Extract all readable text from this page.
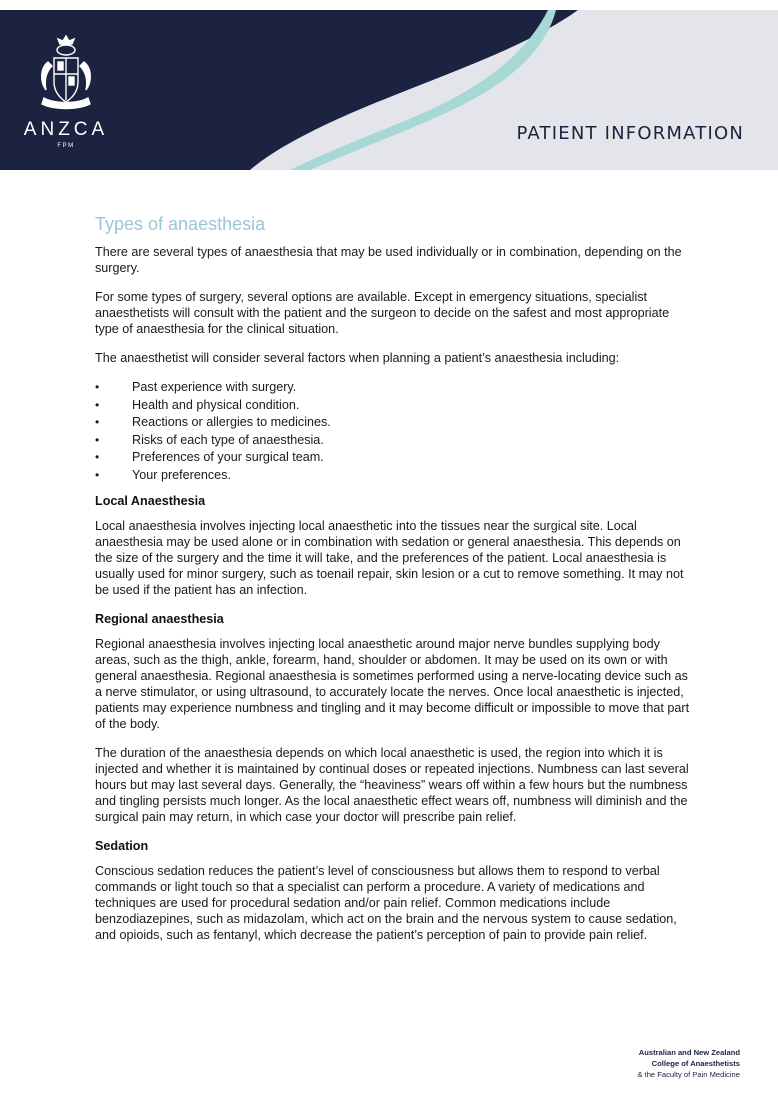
ANZCA
FPM
PATIENT INFORMATION
Types of anaesthesia

There are several types of anaesthesia that may be used individually or in combination, depending on the surgery.

For some types of surgery, several options are available. Except in emergency situations, specialist anaesthetists will consult with the patient and the surgeon to decide on the safest and most appropriate type of anaesthesia for the clinical situation.

The anaesthetist will consider several factors when planning a patient’s anaesthesia including:

• Past experience with surgery.
• Health and physical condition.
• Reactions or allergies to medicines.
• Risks of each type of anaesthesia.
• Preferences of your surgical team.
• Your preferences.
Local Anaesthesia

Local anaesthesia involves injecting local anaesthetic into the tissues near the surgical site. Local anaesthesia may be used alone or in combination with sedation or general anaesthesia. This depends on the size of the surgery and the time it will take, and the preferences of the patient. Local anaesthesia is usually used for minor surgery, such as toenail repair, skin lesion or a cut to remove something. It may not be used if the patient has an infection.

Regional anaesthesia

Regional anaesthesia involves injecting local anaesthetic around major nerve bundles supplying body areas, such as the thigh, ankle, forearm, hand, shoulder or abdomen. It may be used on its own or with general anaesthesia. Regional anaesthesia is sometimes performed using a nerve-locating device such as a nerve stimulator, or using ultrasound, to accurately locate the nerves. Once local anaesthetic is injected, patients may experience numbness and tingling and it may become difficult or impossible to move that part of the body.

The duration of the anaesthesia depends on which local anaesthetic is used, the region into which it is injected and whether it is maintained by continual doses or repeated injections. Numbness can last several hours but may last several days. Generally, the “heaviness” wears off within a few hours but the numbness and tingling persists much longer. As the local anaesthetic effect wears off, numbness will diminish and the surgical pain may return, in which case your doctor will prescribe pain relief.

Sedation

Conscious sedation reduces the patient’s level of consciousness but allows them to respond to verbal commands or light touch so that a specialist can perform a procedure. A variety of medications and techniques are used for procedural sedation and/or pain relief. Common medications include benzodiazepines, such as midazolam, which act on the brain and the nervous system to cause sedation, and opioids, such as fentanyl, which decrease the patient’s perception of pain to provide pain relief.

Australian and New Zealand
College of Anaesthetists
& the Faculty of Pain Medicine
